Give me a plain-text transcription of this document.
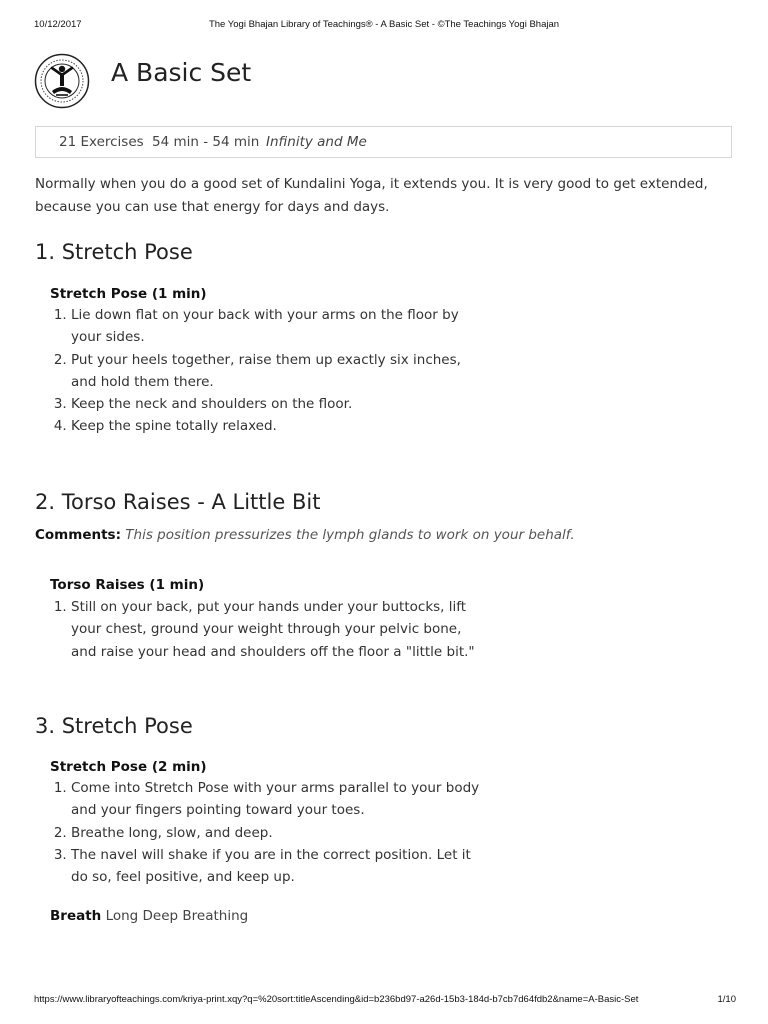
10/12/2017	The Yogi Bhajan Library of Teachings® - A Basic Set - ©The Teachings Yogi Bhajan
A Basic Set
21 Exercises 54 min - 54 min Infinity and Me

Normally when you do a good set of Kundalini Yoga, it extends you. It is very good to get extended, because you can use that energy for days and days.

1. Stretch Pose

Stretch Pose (1 min)

1. Lie down flat on your back with your arms on the floor by your sides.
2. Put your heels together, raise them up exactly six inches, and hold them there.
3. Keep the neck and shoulders on the floor.
4. Keep the spine totally relaxed.
2. Torso Raises - A Little Bit

Comments: This position pressurizes the lymph glands to work on your behalf.

Torso Raises (1 min)

1. Still on your back, put your hands under your buttocks, lift your chest, ground your weight through your pelvic bone, and raise your head and shoulders off the floor a "little bit."
3. Stretch Pose

Stretch Pose (2 min)

1. Come into Stretch Pose with your arms parallel to your body and your fingers pointing toward your toes.
2. Breathe long, slow, and deep.
3. The navel will shake if you are in the correct position. Let it do so, feel positive, and keep up.

Breath Long Deep Breathing

https://www.libraryofteachings.com/kriya-print.xqy?q=%20sort:titleAscending&id=b236bd97-a26d-15b3-184d-b7cb7d64fdb2&name=A-Basic-Set	1/10
